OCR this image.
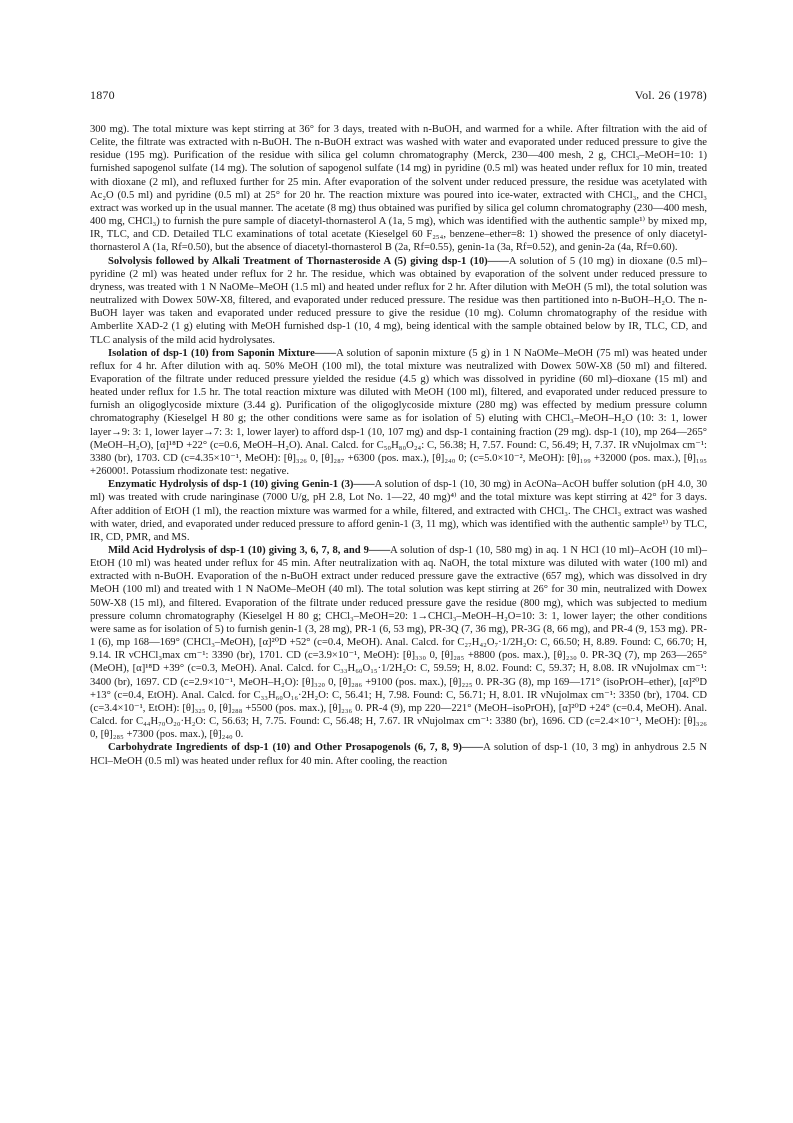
1870	Vol. 26 (1978)

300 mg). The total mixture was kept stirring at 36° for 3 days, treated with n-BuOH, and warmed for a while. After filtration with the aid of Celite, the filtrate was extracted with n-BuOH. The n-BuOH extract was washed with water and evaporated under reduced pressure to give the residue (195 mg). Purification of the residue with silica gel column chromatography (Merck, 230—400 mesh, 2 g, CHCl₃–MeOH=10: 1) furnished sapogenol sulfate (14 mg). The solution of sapogenol sulfate (14 mg) in pyridine (0.5 ml) was heated under reflux for 10 min, treated with dioxane (2 ml), and refluxed further for 25 min. After evaporation of the solvent under reduced pressure, the residue was acetylated with Ac₂O (0.5 ml) and pyridine (0.5 ml) at 25° for 20 hr. The reaction mixture was poured into ice-water, extracted with CHCl₃, and the CHCl₃ extract was worked up in the usual manner. The acetate (8 mg) thus obtained was purified by silica gel column chromatography (230—400 mesh, 400 mg, CHCl₃) to furnish the pure sample of diacetyl-thornasterol A (1a, 5 mg), which was identified with the authentic sample¹⁾ by mixed mp, IR, TLC, and CD. Detailed TLC examinations of total acetate (Kieselgel 60 F₂₅₄, benzene–ether=8: 1) showed the presence of only diacetyl-thornasterol A (1a, Rf=0.50), but the absence of diacetyl-thornasterol B (2a, Rf=0.55), genin-1a (3a, Rf=0.52), and genin-2a (4a, Rf=0.60).

Solvolysis followed by Alkali Treatment of Thornasteroside A (5) giving dsp-1 (10)——A solution of 5 (10 mg) in dioxane (0.5 ml)–pyridine (2 ml) was heated under reflux for 2 hr. The residue, which was obtained by evaporation of the solvent under reduced pressure to dryness, was treated with 1 N NaOMe–MeOH (1.5 ml) and heated under reflux for 2 hr. After dilution with MeOH (5 ml), the total solution was neutralized with Dowex 50W-X8, filtered, and evaporated under reduced pressure. The residue was then partitioned into n-BuOH–H₂O. The n-BuOH layer was taken and evaporated under reduced pressure to give the residue (10 mg). Column chromatography of the residue with Amberlite XAD-2 (1 g) eluting with MeOH furnished dsp-1 (10, 4 mg), being identical with the sample obtained below by IR, TLC, CD, and TLC analysis of the mild acid hydrolysates.

Isolation of dsp-1 (10) from Saponin Mixture——A solution of saponin mixture (5 g) in 1 N NaOMe–MeOH (75 ml) was heated under reflux for 4 hr. After dilution with aq. 50% MeOH (100 ml), the total mixture was neutralized with Dowex 50W-X8 (50 ml) and filtered. Evaporation of the filtrate under reduced pressure yielded the residue (4.5 g) which was dissolved in pyridine (60 ml)–dioxane (15 ml) and heated under reflux for 1.5 hr. The total reaction mixture was diluted with MeOH (100 ml), filtered, and evaporated under reduced pressure to furnish an oligoglycoside mixture (3.44 g). Purification of the oligoglycoside mixture (280 mg) was effected by medium pressure column chromatography (Kieselgel H 80 g; the other conditions were same as for isolation of 5) eluting with CHCl₃–MeOH–H₂O (10: 3: 1, lower layer→9: 3: 1, lower layer→7: 3: 1, lower layer) to afford dsp-1 (10, 107 mg) and dsp-1 containing fraction (29 mg). dsp-1 (10), mp 264—265° (MeOH–H₂O), [α]¹⁸D +22° (c=0.6, MeOH–H₂O). Anal. Calcd. for C₅₀H₈₀O₂₄: C, 56.38; H, 7.57. Found: C, 56.49; H, 7.37. IR νNujolmax cm⁻¹: 3380 (br), 1703. CD (c=4.35×10⁻¹, MeOH): [θ]₃₂₆ 0, [θ]₂₈₇ +6300 (pos. max.), [θ]₂₄₀ 0; (c=5.0×10⁻², MeOH): [θ]₁₉₉ +32000 (pos. max.), [θ]₁₉₅ +26000!. Potassium rhodizonate test: negative.

Enzymatic Hydrolysis of dsp-1 (10) giving Genin-1 (3)——A solution of dsp-1 (10, 30 mg) in AcONa–AcOH buffer solution (pH 4.0, 30 ml) was treated with crude naringinase (7000 U/g, pH 2.8, Lot No. 1—22, 40 mg)⁴⁾ and the total mixture was kept stirring at 42° for 3 days. After addition of EtOH (1 ml), the reaction mixture was warmed for a while, filtered, and extracted with CHCl₃. The CHCl₃ extract was washed with water, dried, and evaporated under reduced pressure to afford genin-1 (3, 11 mg), which was identified with the authentic sample¹⁾ by TLC, IR, CD, PMR, and MS.

Mild Acid Hydrolysis of dsp-1 (10) giving 3, 6, 7, 8, and 9——A solution of dsp-1 (10, 580 mg) in aq. 1 N HCl (10 ml)–AcOH (10 ml)–EtOH (10 ml) was heated under reflux for 45 min. After neutralization with aq. NaOH, the total mixture was diluted with water (100 ml) and extracted with n-BuOH. Evaporation of the n-BuOH extract under reduced pressure gave the extractive (657 mg), which was dissolved in dry MeOH (100 ml) and treated with 1 N NaOMe–MeOH (40 ml). The total solution was kept stirring at 26° for 30 min, neutralized with Dowex 50W-X8 (15 ml), and filtered. Evaporation of the filtrate under reduced pressure gave the residue (800 mg), which was subjected to medium pressure column chromatography (Kieselgel H 80 g; CHCl₃–MeOH=20: 1→CHCl₃–MeOH–H₂O=10: 3: 1, lower layer; the other conditions were same as for isolation of 5) to furnish genin-1 (3, 28 mg), PR-1 (6, 53 mg), PR-3Q (7, 36 mg), PR-3G (8, 66 mg), and PR-4 (9, 153 mg). PR-1 (6), mp 168—169° (CHCl₃–MeOH), [α]²⁰D +52° (c=0.4, MeOH). Anal. Calcd. for C₂₇H₄₂O₇·1/2H₂O: C, 66.50; H, 8.89. Found: C, 66.70; H, 9.14. IR νCHCl₃max cm⁻¹: 3390 (br), 1701. CD (c=3.9×10⁻¹, MeOH): [θ]₃₃₀ 0, [θ]₂₈₅ +8800 (pos. max.), [θ]₂₃₀ 0. PR-3Q (7), mp 263—265° (MeOH), [α]¹⁸D +39° (c=0.3, MeOH). Anal. Calcd. for C₃₃H₆₀O₁₅·1/2H₂O: C, 59.59; H, 8.02. Found: C, 59.37; H, 8.08. IR νNujolmax cm⁻¹: 3400 (br), 1697. CD (c=2.9×10⁻¹, MeOH–H₂O): [θ]₃₂₀ 0, [θ]₂₈₆ +9100 (pos. max.), [θ]₂₂₅ 0. PR-3G (8), mp 169—171° (isoPrOH–ether), [α]²⁰D +13° (c=0.4, EtOH). Anal. Calcd. for C₃₃H₆₀O₁₆·2H₂O: C, 56.41; H, 7.98. Found: C, 56.71; H, 8.01. IR νNujolmax cm⁻¹: 3350 (br), 1704. CD (c=3.4×10⁻¹, EtOH): [θ]₃₂₅ 0, [θ]₂₈₈ +5500 (pos. max.), [θ]₂₃₆ 0. PR-4 (9), mp 220—221° (MeOH–isoPrOH), [α]²⁰D +24° (c=0.4, MeOH). Anal. Calcd. for C₄₄H₇₀O₂₀·H₂O: C, 56.63; H, 7.75. Found: C, 56.48; H, 7.67. IR νNujolmax cm⁻¹: 3380 (br), 1696. CD (c=2.4×10⁻¹, MeOH): [θ]₃₂₆ 0, [θ]₂₈₅ +7300 (pos. max.), [θ]₂₄₀ 0.

Carbohydrate Ingredients of dsp-1 (10) and Other Prosapogenols (6, 7, 8, 9)——A solution of dsp-1 (10, 3 mg) in anhydrous 2.5 N HCl–MeOH (0.5 ml) was heated under reflux for 40 min. After cooling, the reaction
